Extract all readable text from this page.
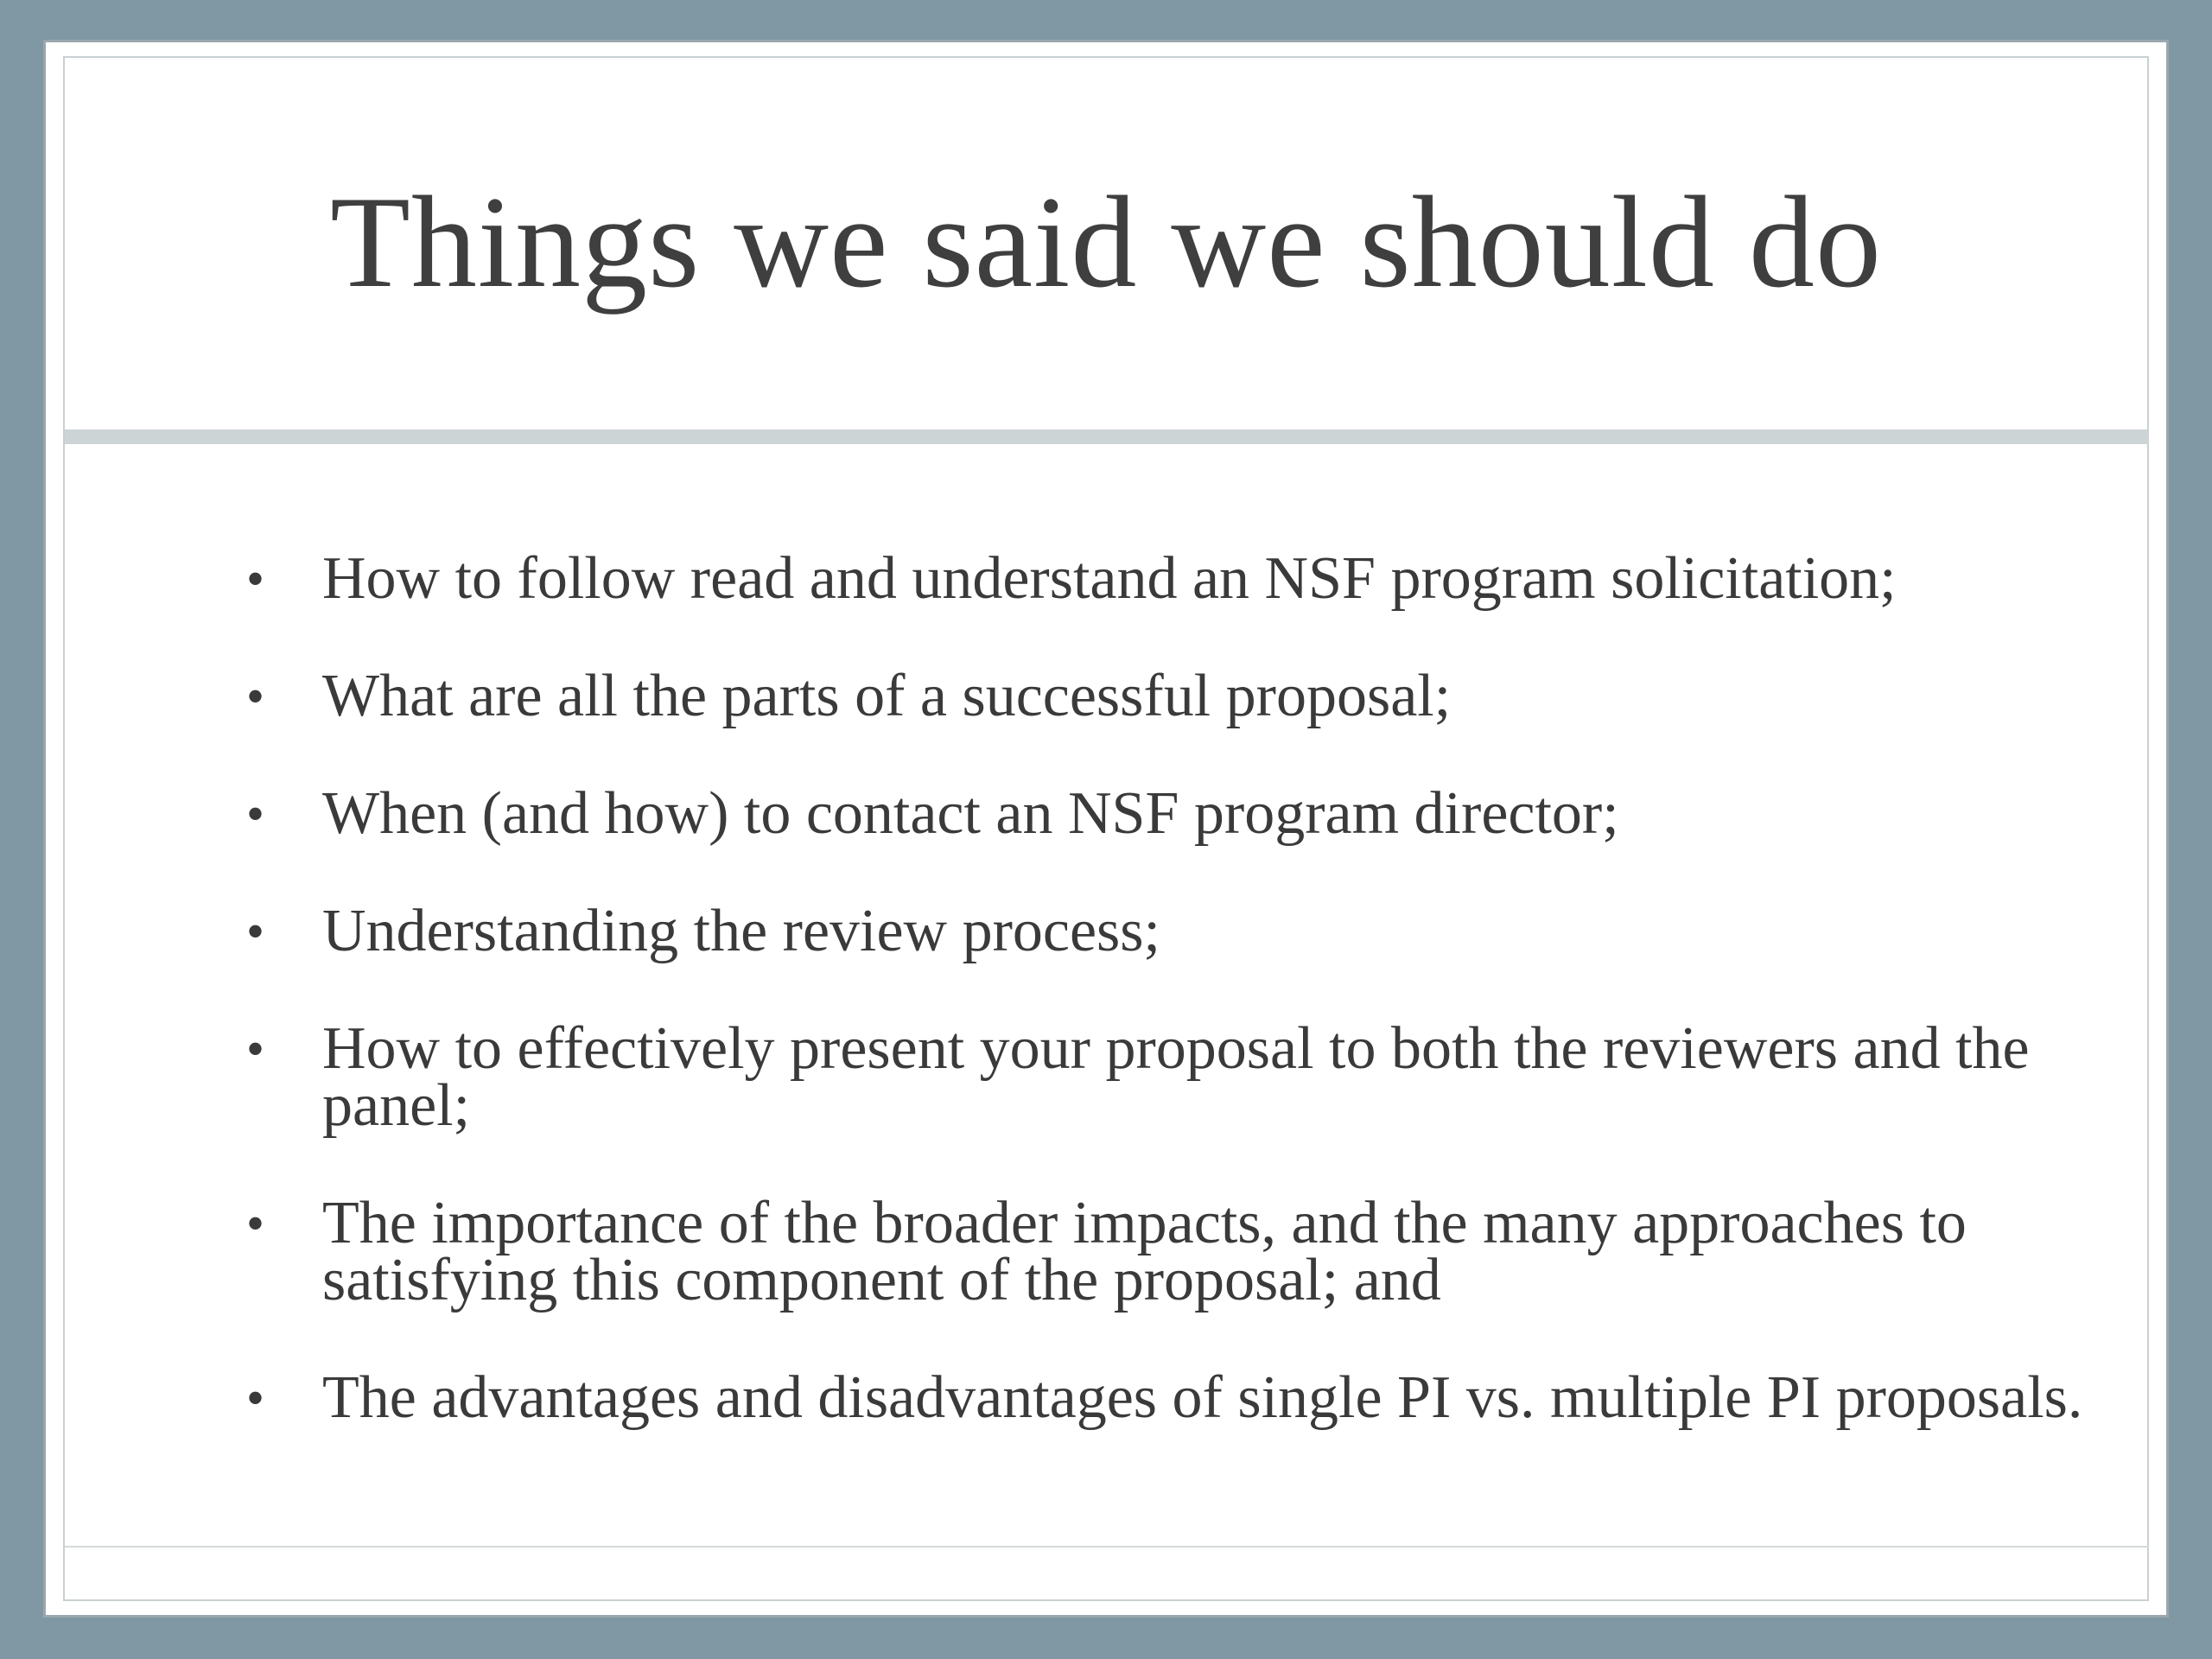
Things we said we should do
• How to follow read and understand an NSF program solicitation;
• What are all the parts of a successful proposal;
• When (and how) to contact an NSF program director;
• Understanding the review process;
• How to effectively present your proposal to both the reviewers and the panel;
• The importance of the broader impacts, and the many approaches to satisfying this component of the proposal; and
• The advantages and disadvantages of single PI vs. multiple PI proposals.
